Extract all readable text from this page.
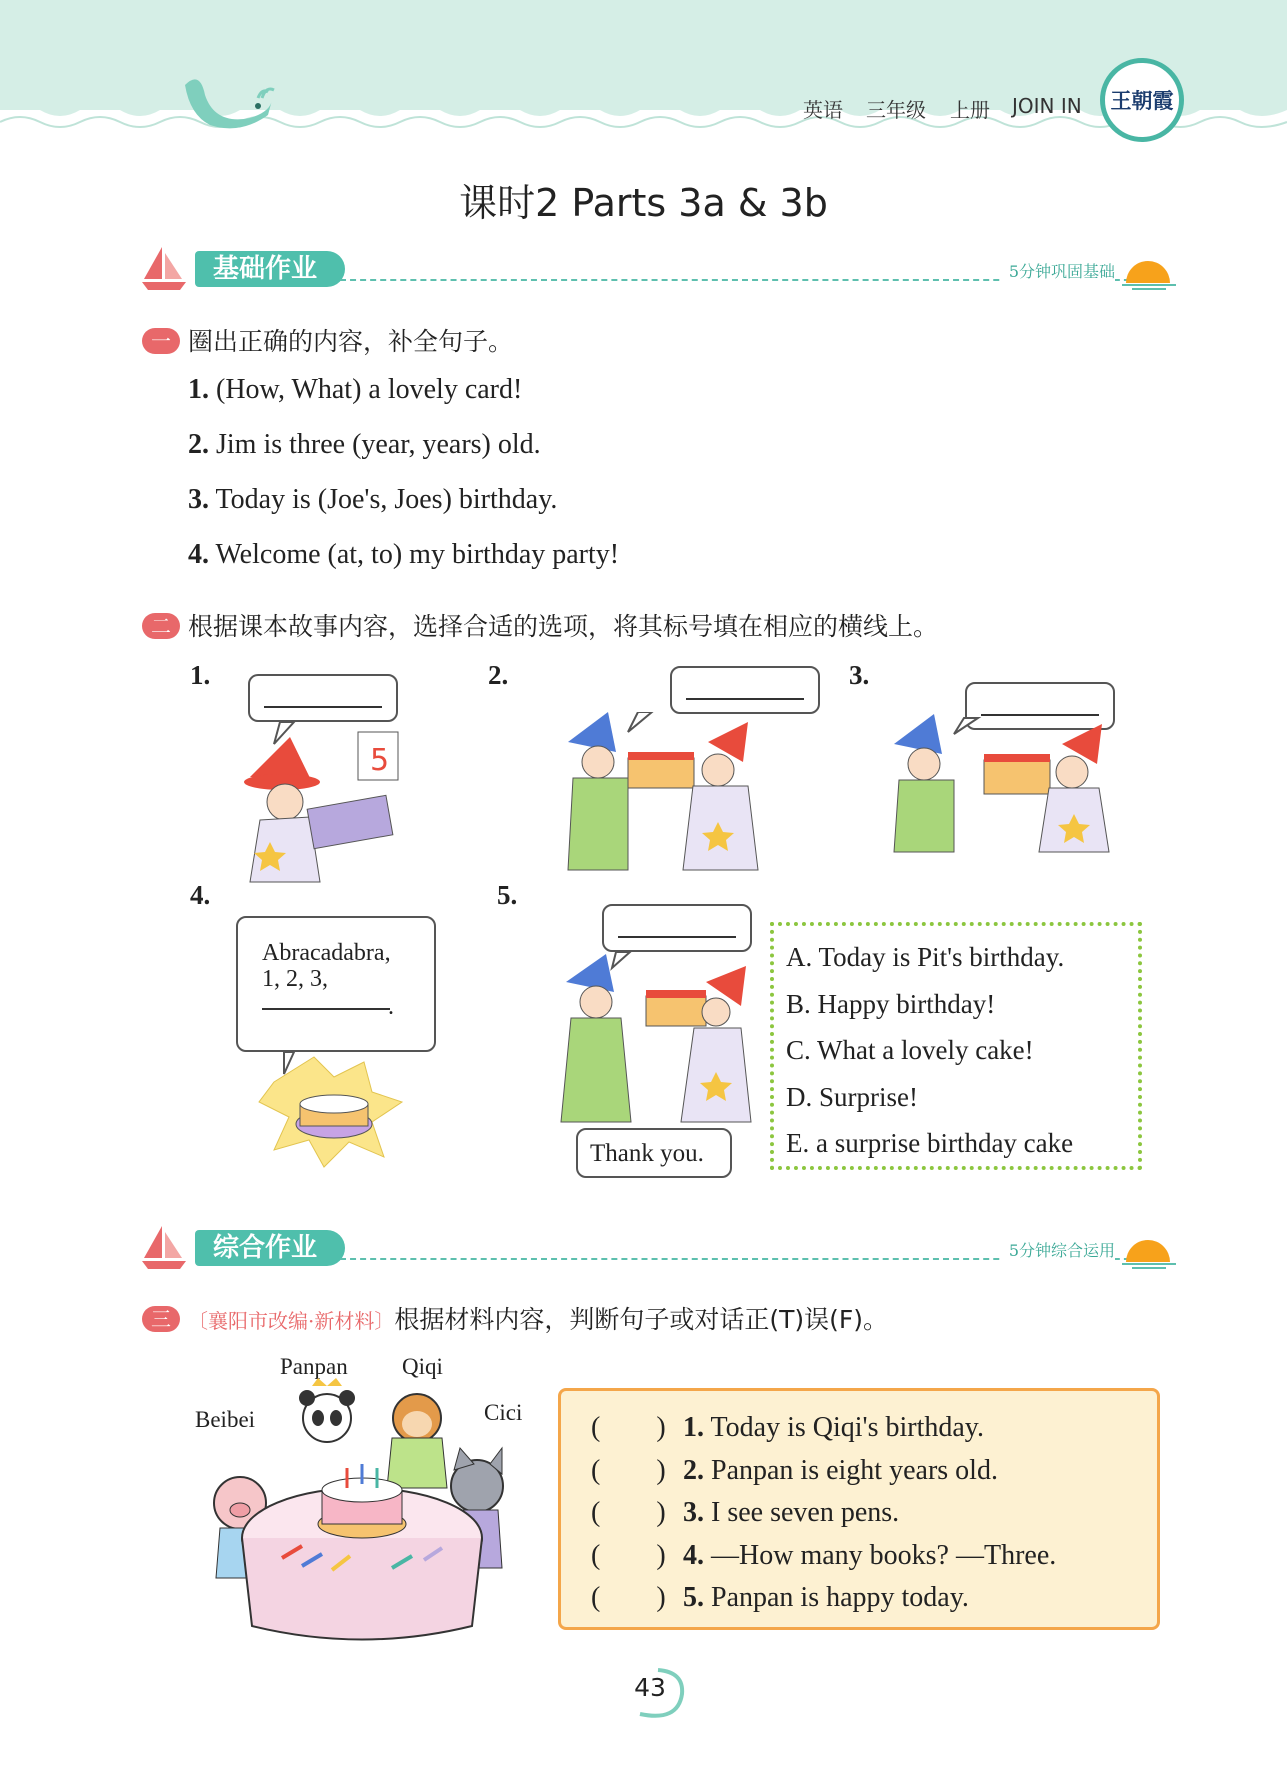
英语 三年级 上册 JOIN IN 王朝霞
课时2 Parts 3a & 3b
基础作业	5分钟巩固基础
一 圈出正确的内容，补全句子。
1. (How, What) a lovely card!
2. Jim is three (year, years) old.
3. Today is (Joe's, Joes) birthday.
4. Welcome (at, to) my birthday party!
二 根据课本故事内容，选择合适的选项，将其标号填在相应的横线上。
1.
5
2.	3.
4.
Abracadabra,
1, 2, 3,
.
5.
Thank you.
A. Today is Pit's birthday.
B. Happy birthday!
C. What a lovely cake!
D. Surprise!
E. a surprise birthday cake
综合作业	5分钟综合运用
三 〔襄阳市改编·新材料〕根据材料内容，判断句子或对话正(T)误(F)。
Panpan Qiqi
Beibei	Cici (        ) 1. Today is Qiqi's birthday.
(        ) 2. Panpan is eight years old.
(        ) 3. I see seven pens.
(        ) 4. —How many books? —Three.
(        ) 5. Panpan is happy today.
43
